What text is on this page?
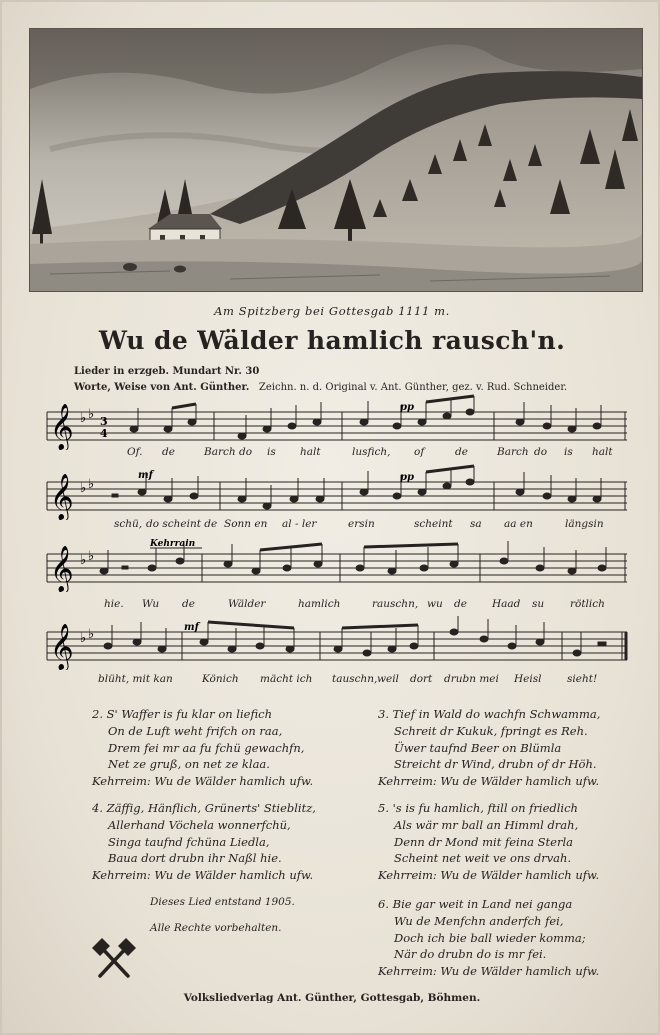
Am Spitzberg bei Gottesgab 1111 m.
Wu de Wälder hamlich rausch'n.
Lieder in erzgeb. Mundart Nr. 30
Worte, Weise von Ant. Günther. Zeichn. n. d. Original v. Ant. Günther, gez. v. Rud. Schneider.
𝄞 ♭ ♭ 3
4
pp
Of. de	Barch do is halt	lusfich, of	de	Barch do is halt
𝄞 ♭ ♭
mf	pp
schü, do scheint de Sonn en al - ler	ersin	scheint sa aa en	längsin
𝄞 ♭ ♭
Kehrrain
hie. Wu de	Wälder	hamlich	rauschn, wu de Haad su rötlich
𝄞 ♭ ♭	mf
blüht, mit kan	Könich mächt ich tauschn, weil dort drubn mei Heisl sieht!
2. S' Waffer is fu klar on liefich
On de Luft weht frifch on raa,
Drem fei mr aa fu fchü gewachfn,
Net ze gruß, on net ze klaa.
Kehrreim: Wu de Wälder hamlich ufw.
3. Tief in Wald do wachfn Schwamma,
Schreit dr Kukuk, fpringt es Reh.
Üwer taufnd Beer on Blümla
Streicht dr Wind, drubn of dr Höh.
Kehrreim: Wu de Wälder hamlich ufw.
4. Zäffig, Hänflich, Grünerts' Stieblitz,
Allerhand Vöchela wonnerfchü,
Singa taufnd fchüna Liedla,
Baua dort drubn ihr Naßl hie.
Kehrreim: Wu de Wälder hamlich ufw.
5. 's is fu hamlich, ftill on friedlich
Als wär mr ball an Himml drah,
Denn dr Mond mit feina Sterla
Scheint net weit ve ons drvah.
Kehrreim: Wu de Wälder hamlich ufw.
6. Bie gar weit in Land nei ganga
Wu de Menfchn anderfch fei,
Doch ich bie ball wieder komma;
När do drubn do is mr fei.
Kehrreim: Wu de Wälder hamlich ufw.
Dieses Lied entstand 1905.
Alle Rechte vorbehalten.
Volksliedverlag Ant. Günther, Gottesgab, Böhmen.
